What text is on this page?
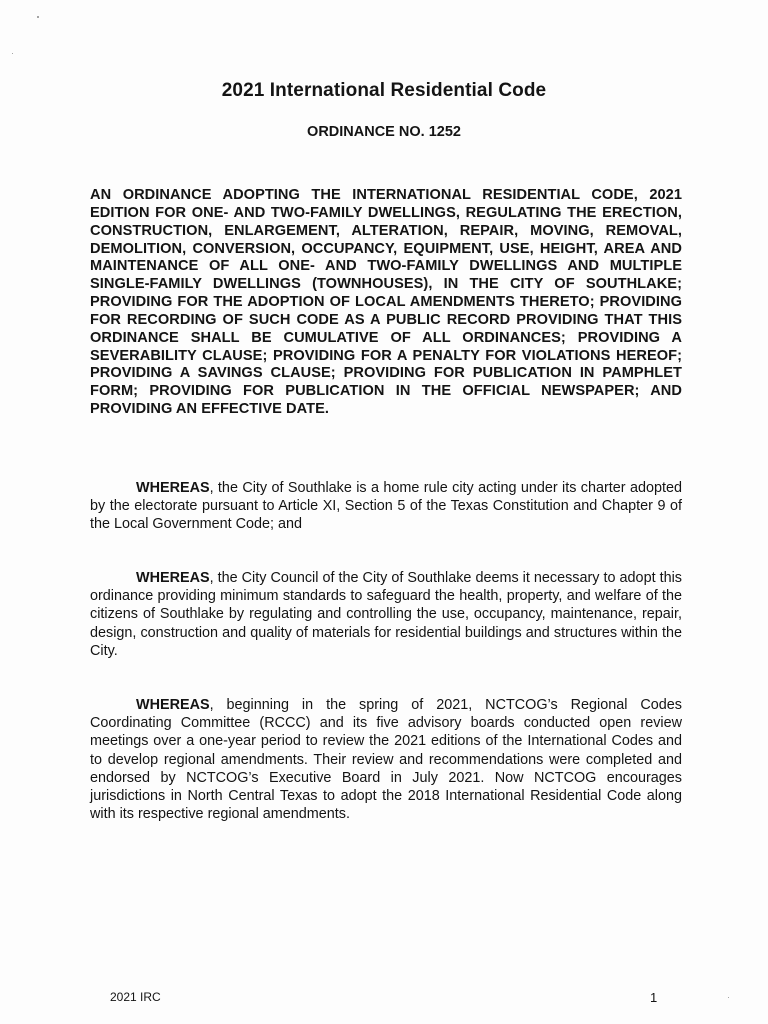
2021 International Residential Code
ORDINANCE NO. 1252
AN ORDINANCE ADOPTING THE INTERNATIONAL RESIDENTIAL CODE, 2021 EDITION FOR ONE- AND TWO-FAMILY DWELLINGS, REGULATING THE ERECTION, CONSTRUCTION, ENLARGEMENT, ALTERATION, REPAIR, MOVING, REMOVAL, DEMOLITION, CONVERSION, OCCUPANCY, EQUIPMENT, USE, HEIGHT, AREA AND MAINTENANCE OF ALL ONE- AND TWO-FAMILY DWELLINGS AND MULTIPLE SINGLE-FAMILY DWELLINGS (TOWNHOUSES), IN THE CITY OF SOUTHLAKE; PROVIDING FOR THE ADOPTION OF LOCAL AMENDMENTS THERETO; PROVIDING FOR RECORDING OF SUCH CODE AS A PUBLIC RECORD PROVIDING THAT THIS ORDINANCE SHALL BE CUMULATIVE OF ALL ORDINANCES; PROVIDING A SEVERABILITY CLAUSE; PROVIDING FOR A PENALTY FOR VIOLATIONS HEREOF; PROVIDING A SAVINGS CLAUSE; PROVIDING FOR PUBLICATION IN PAMPHLET FORM; PROVIDING FOR PUBLICATION IN THE OFFICIAL NEWSPAPER; AND PROVIDING AN EFFECTIVE DATE.
WHEREAS, the City of Southlake is a home rule city acting under its charter adopted by the electorate pursuant to Article XI, Section 5 of the Texas Constitution and Chapter 9 of the Local Government Code; and
WHEREAS, the City Council of the City of Southlake deems it necessary to adopt this ordinance providing minimum standards to safeguard the health, property, and welfare of the citizens of Southlake by regulating and controlling the use, occupancy, maintenance, repair, design, construction and quality of materials for residential buildings and structures within the City.
WHEREAS, beginning in the spring of 2021, NCTCOG’s Regional Codes Coordinating Committee (RCCC) and its five advisory boards conducted open review meetings over a one-year period to review the 2021 editions of the International Codes and to develop regional amendments. Their review and recommendations were completed and endorsed by NCTCOG’s Executive Board in July 2021. Now NCTCOG encourages jurisdictions in North Central Texas to adopt the 2018 International Residential Code along with its respective regional amendments.
2021 IRC	1
